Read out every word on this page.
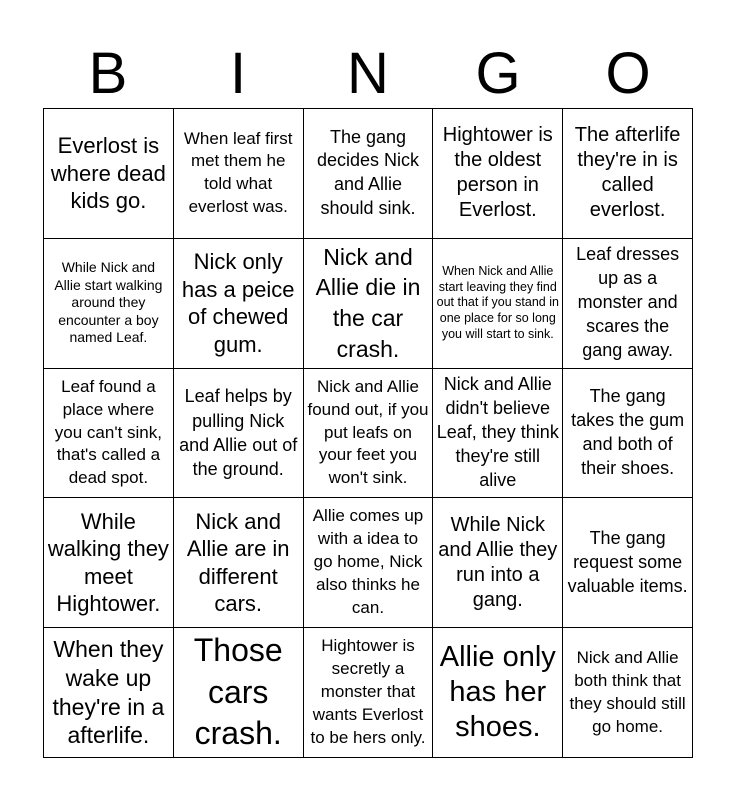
B	I	N	G	O
Everlost is where dead kids go.
When leaf first met them he told what everlost was.
The gang decides Nick and Allie should sink.
Hightower is the oldest person in Everlost.
The afterlife they're in is called everlost.
While Nick and Allie start walking around they encounter a boy named Leaf.
Nick only has a peice of chewed gum.
Nick and Allie die in the car crash.
When Nick and Allie start leaving they find out that if you stand in one place for so long you will start to sink.
Leaf dresses up as a monster and scares the gang away.
Leaf found a place where you can't sink, that's called a dead spot.
Leaf helps by pulling Nick and Allie out of the ground.
Nick and Allie found out, if you put leafs on your feet you won't sink.
Nick and Allie didn't believe Leaf, they think they're still alive
The gang takes the gum and both of their shoes.
While walking they meet Hightower.
Nick and Allie are in different cars.
Allie comes up with a idea to go home, Nick also thinks he can.
While Nick and Allie they run into a gang.
The gang request some valuable items.
When they wake up they're in a afterlife.
Those cars crash.
Hightower is secretly a monster that wants Everlost to be hers only.
Allie only has her shoes.
Nick and Allie both think that they should still go home.
